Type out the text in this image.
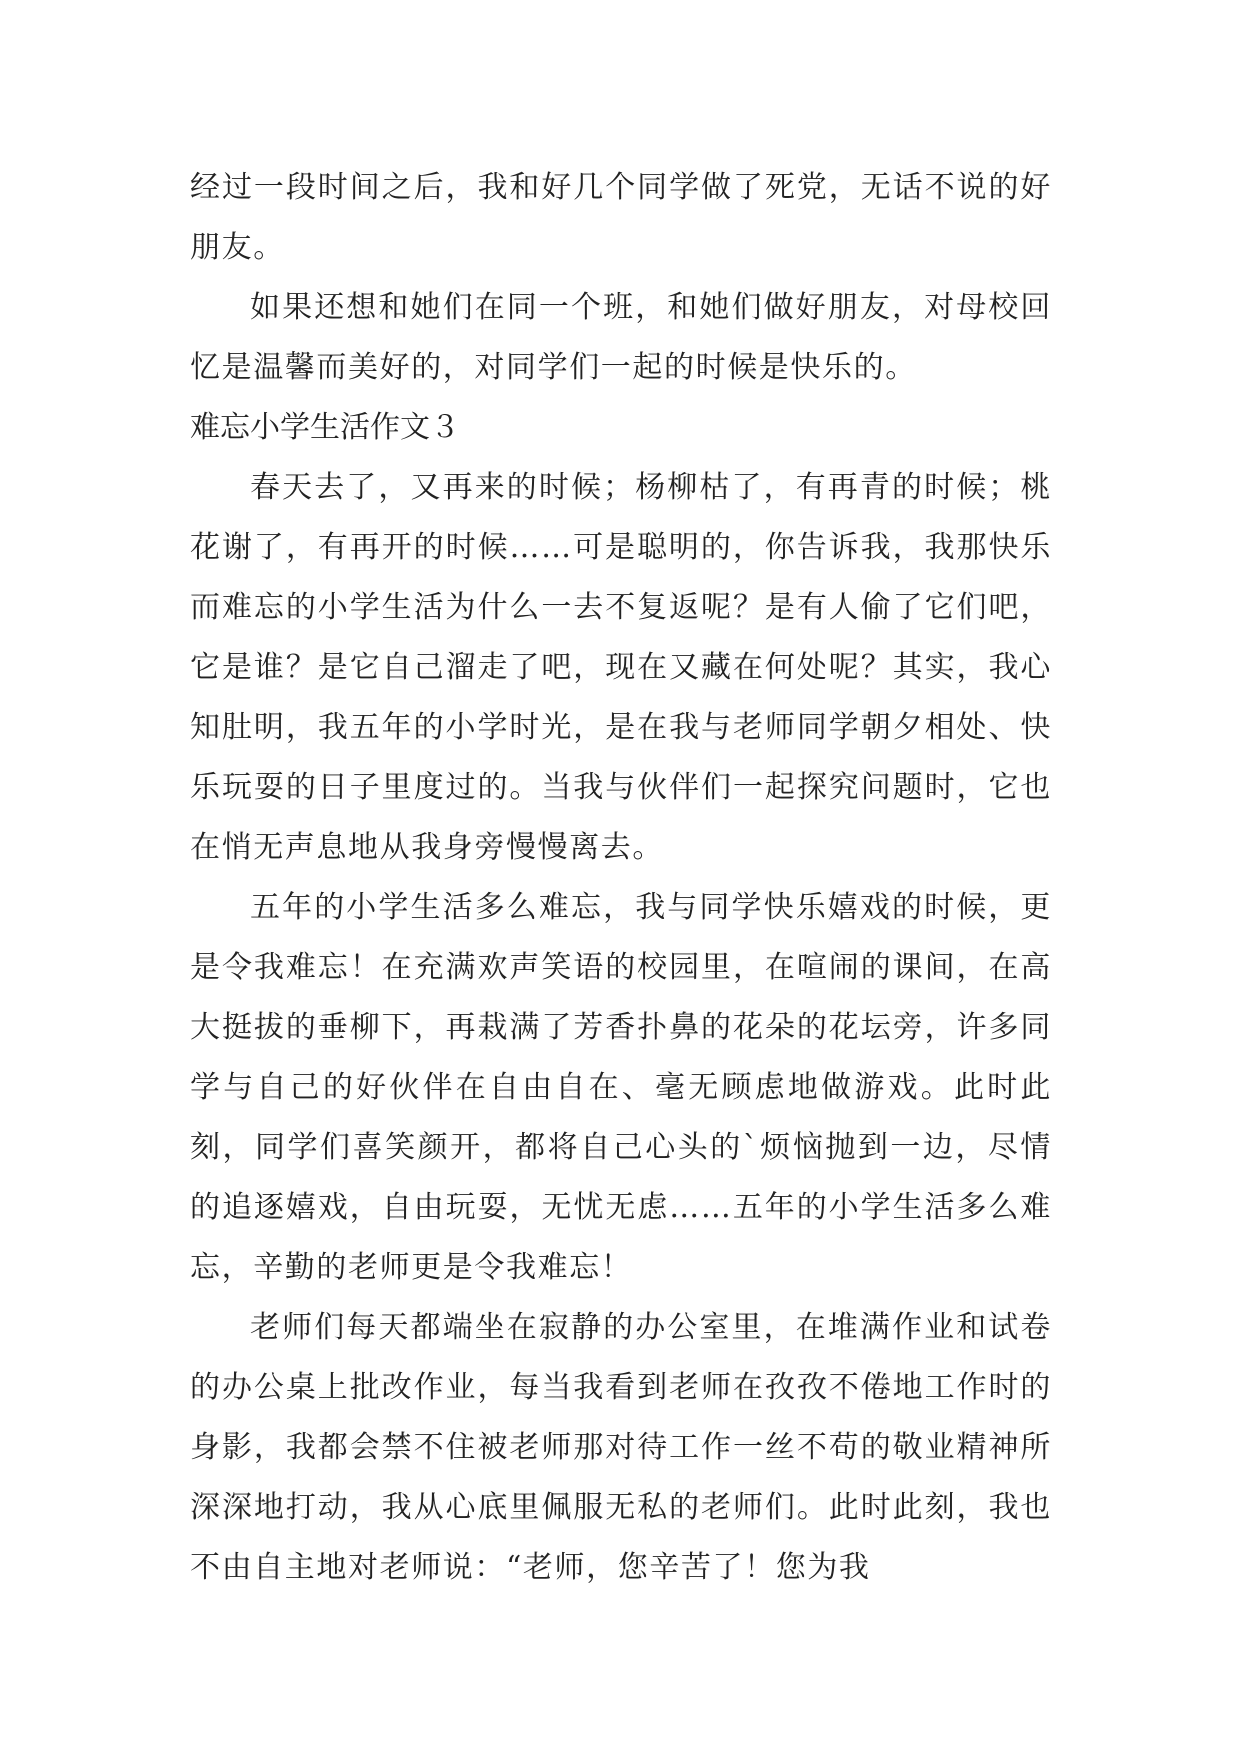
经过一段时间之后，我和好几个同学做了死党，无话不说的好朋友。

如果还想和她们在同一个班，和她们做好朋友，对母校回忆是温馨而美好的，对同学们一起的时候是快乐的。

难忘小学生活作文３

春天去了，又再来的时候；杨柳枯了，有再青的时候；桃花谢了，有再开的时候……可是聪明的，你告诉我，我那快乐而难忘的小学生活为什么一去不复返呢？是有人偷了它们吧，它是谁？是它自己溜走了吧，现在又藏在何处呢？其实，我心知肚明，我五年的小学时光，是在我与老师同学朝夕相处、快乐玩耍的日子里度过的。当我与伙伴们一起探究问题时，它也在悄无声息地从我身旁慢慢离去。

五年的小学生活多么难忘，我与同学快乐嬉戏的时候，更是令我难忘！在充满欢声笑语的校园里，在喧闹的课间，在高大挺拔的垂柳下，再栽满了芳香扑鼻的花朵的花坛旁，许多同学与自己的好伙伴在自由自在、毫无顾虑地做游戏。此时此刻，同学们喜笑颜开，都将自己心头的`烦恼抛到一边，尽情的追逐嬉戏，自由玩耍，无忧无虑……五年的小学生活多么难忘，辛勤的老师更是令我难忘！

老师们每天都端坐在寂静的办公室里，在堆满作业和试卷的办公桌上批改作业，每当我看到老师在孜孜不倦地工作时的身影，我都会禁不住被老师那对待工作一丝不苟的敬业精神所深深地打动，我从心底里佩服无私的老师们。此时此刻，我也不由自主地对老师说：“老师，您辛苦了！您为我
